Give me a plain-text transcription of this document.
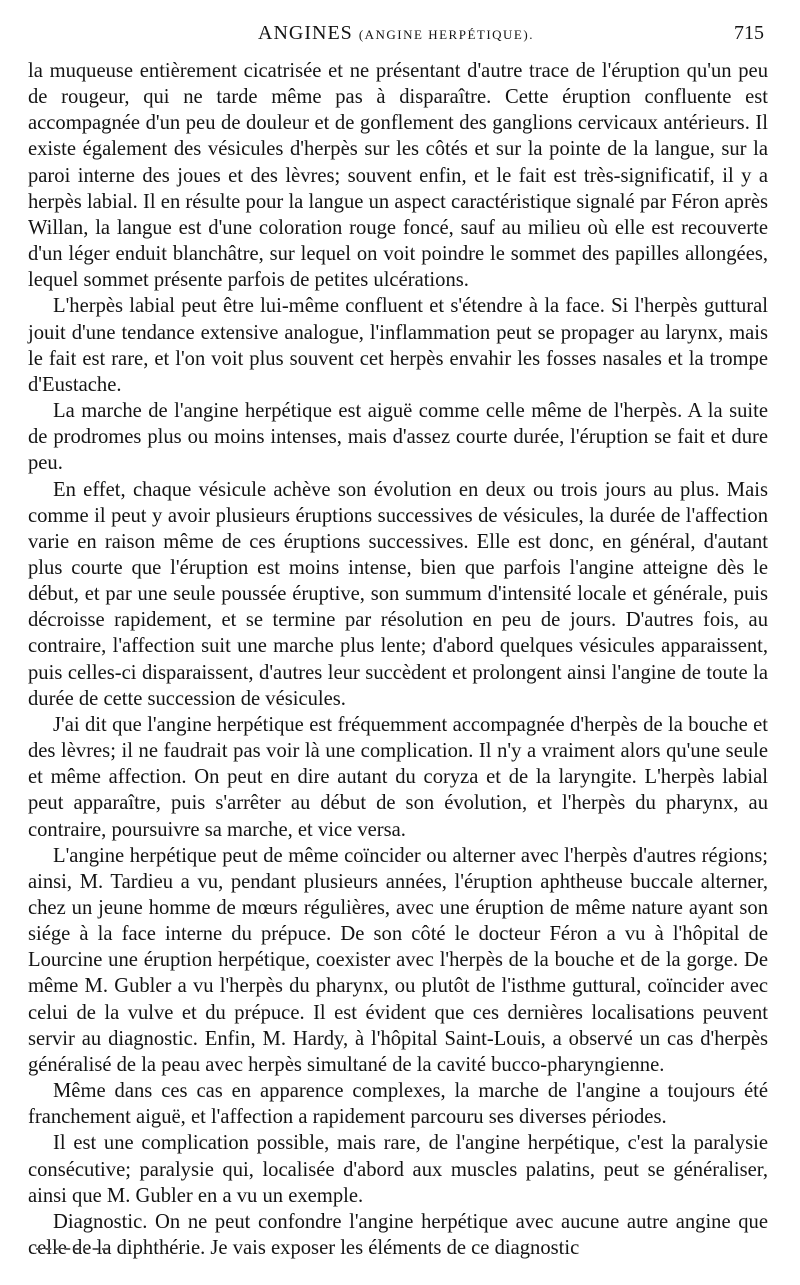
ANGINES (ANGINE HERPÉTIQUE).	715

la muqueuse entièrement cicatrisée et ne présentant d'autre trace de l'éruption qu'un peu de rougeur, qui ne tarde même pas à disparaître. Cette éruption confluente est accompagnée d'un peu de douleur et de gonflement des ganglions cervicaux antérieurs. Il existe également des vésicules d'herpès sur les côtés et sur la pointe de la langue, sur la paroi interne des joues et des lèvres; souvent enfin, et le fait est très-significatif, il y a herpès labial. Il en résulte pour la langue un aspect caractéristique signalé par Féron après Willan, la langue est d'une coloration rouge foncé, sauf au milieu où elle est recouverte d'un léger enduit blanchâtre, sur lequel on voit poindre le sommet des papilles allongées, lequel sommet présente parfois de petites ulcérations.

L'herpès labial peut être lui-même confluent et s'étendre à la face. Si l'herpès guttural jouit d'une tendance extensive analogue, l'inflammation peut se propager au larynx, mais le fait est rare, et l'on voit plus souvent cet herpès envahir les fosses nasales et la trompe d'Eustache.

La marche de l'angine herpétique est aiguë comme celle même de l'herpès. A la suite de prodromes plus ou moins intenses, mais d'assez courte durée, l'éruption se fait et dure peu.

En effet, chaque vésicule achève son évolution en deux ou trois jours au plus. Mais comme il peut y avoir plusieurs éruptions successives de vésicules, la durée de l'affection varie en raison même de ces éruptions successives. Elle est donc, en général, d'autant plus courte que l'éruption est moins intense, bien que parfois l'angine atteigne dès le début, et par une seule poussée éruptive, son summum d'intensité locale et générale, puis décroisse rapidement, et se termine par résolution en peu de jours. D'autres fois, au contraire, l'affection suit une marche plus lente; d'abord quelques vésicules apparaissent, puis celles-ci disparaissent, d'autres leur succèdent et prolongent ainsi l'angine de toute la durée de cette succession de vésicules.

J'ai dit que l'angine herpétique est fréquemment accompagnée d'herpès de la bouche et des lèvres; il ne faudrait pas voir là une complication. Il n'y a vraiment alors qu'une seule et même affection. On peut en dire autant du coryza et de la laryngite. L'herpès labial peut apparaître, puis s'arrêter au début de son évolution, et l'herpès du pharynx, au contraire, poursuivre sa marche, et vice versa.

L'angine herpétique peut de même coïncider ou alterner avec l'herpès d'autres régions; ainsi, M. Tardieu a vu, pendant plusieurs années, l'éruption aphtheuse buccale alterner, chez un jeune homme de mœurs régulières, avec une éruption de même nature ayant son siége à la face interne du prépuce. De son côté le docteur Féron a vu à l'hôpital de Lourcine une éruption herpétique, coexister avec l'herpès de la bouche et de la gorge. De même M. Gubler a vu l'herpès du pharynx, ou plutôt de l'isthme guttural, coïncider avec celui de la vulve et du prépuce. Il est évident que ces dernières localisations peuvent servir au diagnostic. Enfin, M. Hardy, à l'hôpital Saint-Louis, a observé un cas d'herpès généralisé de la peau avec herpès simultané de la cavité bucco-pharyngienne.

Même dans ces cas en apparence complexes, la marche de l'angine a toujours été franchement aiguë, et l'affection a rapidement parcouru ses diverses périodes.

Il est une complication possible, mais rare, de l'angine herpétique, c'est la paralysie consécutive; paralysie qui, localisée d'abord aux muscles palatins, peut se généraliser, ainsi que M. Gubler en a vu un exemple.

Diagnostic. On ne peut confondre l'angine herpétique avec aucune autre angine que celle de la diphthérie. Je vais exposer les éléments de ce diagnostic
